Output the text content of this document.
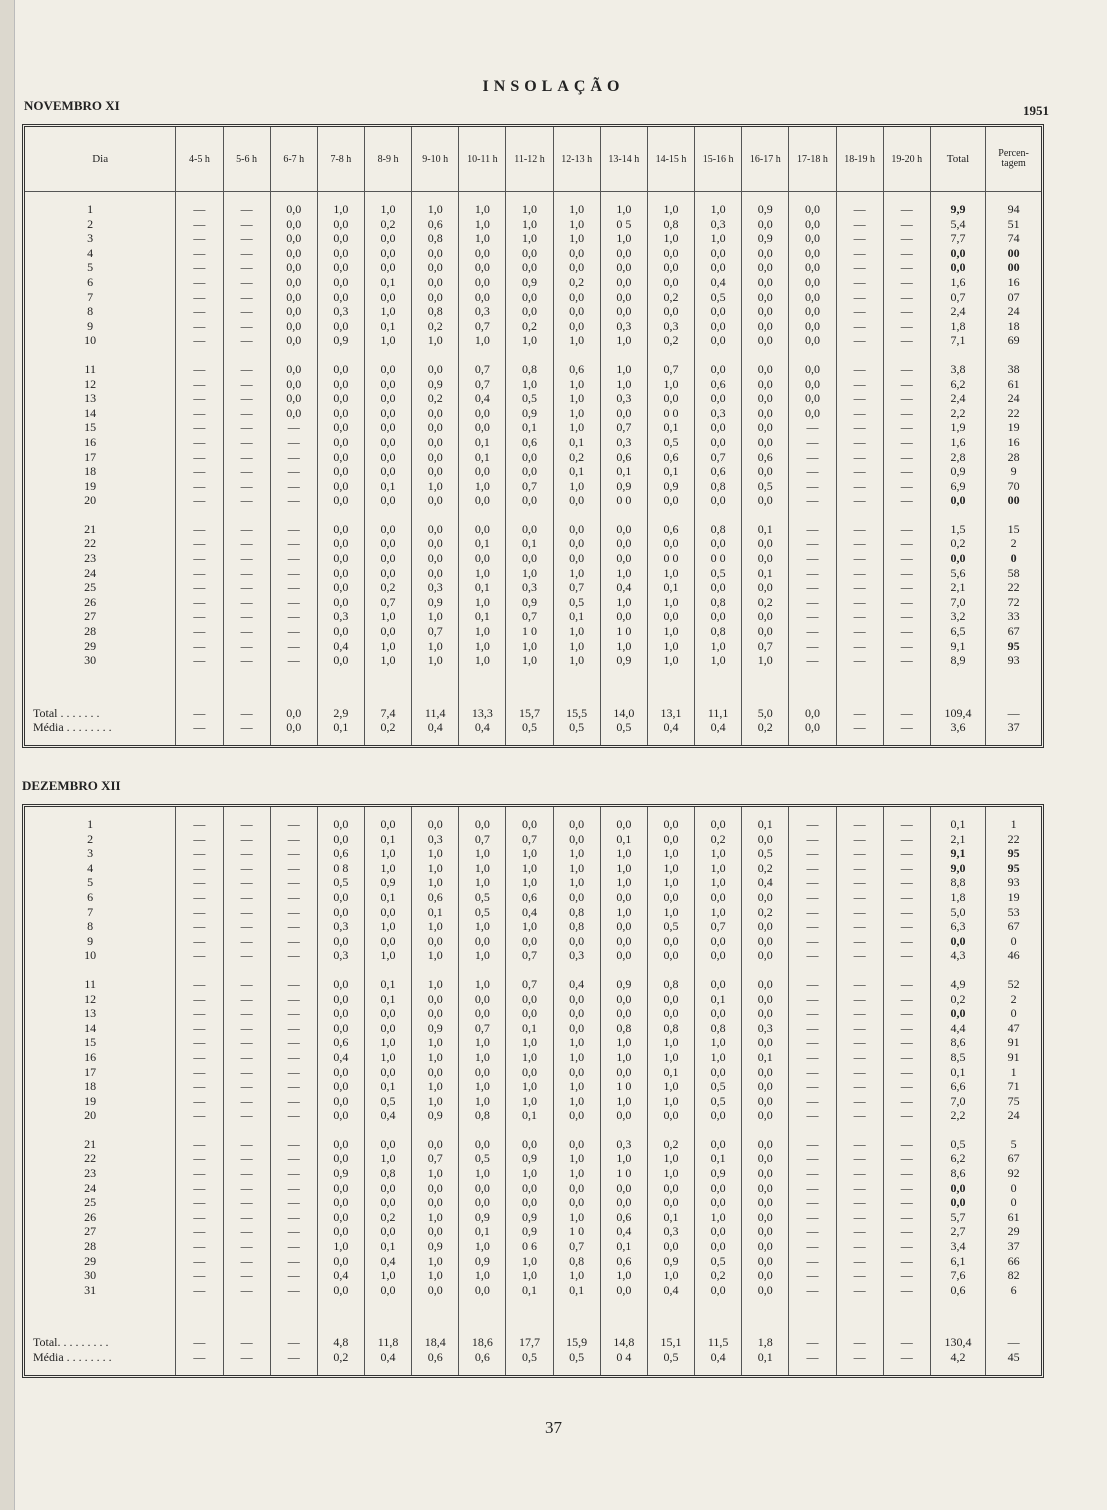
INSOLAÇÃO
NOVEMBRO XI	1951
Dia	4-5 h	5-6 h	6-7 h	7-8 h	8-9 h	9-10 h	10-11 h	11-12 h	12-13 h	13-14 h	14-15 h	15-16 h	16-17 h	17-18 h	18-19 h	19-20 h	Total	Percen-
tagem

1	—	—	0,0	1,0	1,0	1,0	1,0	1,0	1,0	1,0	1,0	1,0	0,9	0,0	—	—	9,9	94
2	—	—	0,0	0,0	0,2	0,6	1,0	1,0	1,0	0 5	0,8	0,3	0,0	0,0	—	—	5,4	51
3	—	—	0,0	0,0	0,0	0,8	1,0	1,0	1,0	1,0	1,0	1,0	0,9	0,0	—	—	7,7	74
4	—	—	0,0	0,0	0,0	0,0	0,0	0,0	0,0	0,0	0,0	0,0	0,0	0,0	—	—	0,0	00
5	—	—	0,0	0,0	0,0	0,0	0,0	0,0	0,0	0,0	0,0	0,0	0,0	0,0	—	—	0,0	00
6	—	—	0,0	0,0	0,1	0,0	0,0	0,9	0,2	0,0	0,0	0,4	0,0	0,0	—	—	1,6	16
7	—	—	0,0	0,0	0,0	0,0	0,0	0,0	0,0	0,0	0,2	0,5	0,0	0,0	—	—	0,7	07
8	—	—	0,0	0,3	1,0	0,8	0,3	0,0	0,0	0,0	0,0	0,0	0,0	0,0	—	—	2,4	24
9	—	—	0,0	0,0	0,1	0,2	0,7	0,2	0,0	0,3	0,3	0,0	0,0	0,0	—	—	1,8	18
10	—	—	0,0	0,9	1,0	1,0	1,0	1,0	1,0	1,0	0,2	0,0	0,0	0,0	—	—	7,1	69

11	—	—	0,0	0,0	0,0	0,0	0,7	0,8	0,6	1,0	0,7	0,0	0,0	0,0	—	—	3,8	38
12	—	—	0,0	0,0	0,0	0,9	0,7	1,0	1,0	1,0	1,0	0,6	0,0	0,0	—	—	6,2	61
13	—	—	0,0	0,0	0,0	0,2	0,4	0,5	1,0	0,3	0,0	0,0	0,0	0,0	—	—	2,4	24
14	—	—	0,0	0,0	0,0	0,0	0,0	0,9	1,0	0,0	0 0	0,3	0,0	0,0	—	—	2,2	22
15	—	—	—	0,0	0,0	0,0	0,0	0,1	1,0	0,7	0,1	0,0	0,0	—	—	—	1,9	19
16	—	—	—	0,0	0,0	0,0	0,1	0,6	0,1	0,3	0,5	0,0	0,0	—	—	—	1,6	16
17	—	—	—	0,0	0,0	0,0	0,1	0,0	0,2	0,6	0,6	0,7	0,6	—	—	—	2,8	28
18	—	—	—	0,0	0,0	0,0	0,0	0,0	0,1	0,1	0,1	0,6	0,0	—	—	—	0,9	9
19	—	—	—	0,0	0,1	1,0	1,0	0,7	1,0	0,9	0,9	0,8	0,5	—	—	—	6,9	70
20	—	—	—	0,0	0,0	0,0	0,0	0,0	0,0	0 0	0,0	0,0	0,0	—	—	—	0,0	00

21	—	—	—	0,0	0,0	0,0	0,0	0,0	0,0	0,0	0,6	0,8	0,1	—	—	—	1,5	15
22	—	—	—	0,0	0,0	0,0	0,1	0,1	0,0	0,0	0,0	0,0	0,0	—	—	—	0,2	2
23	—	—	—	0,0	0,0	0,0	0,0	0,0	0,0	0,0	0 0	0 0	0,0	—	—	—	0,0	0
24	—	—	—	0,0	0,0	0,0	1,0	1,0	1,0	1,0	1,0	0,5	0,1	—	—	—	5,6	58
25	—	—	—	0,0	0,2	0,3	0,1	0,3	0,7	0,4	0,1	0,0	0,0	—	—	—	2,1	22
26	—	—	—	0,0	0,7	0,9	1,0	0,9	0,5	1,0	1,0	0,8	0,2	—	—	—	7,0	72
27	—	—	—	0,3	1,0	1,0	0,1	0,7	0,1	0,0	0,0	0,0	0,0	—	—	—	3,2	33
28	—	—	—	0,0	0,0	0,7	1,0	1 0	1,0	1 0	1,0	0,8	0,0	—	—	—	6,5	67
29	—	—	—	0,4	1,0	1,0	1,0	1,0	1,0	1,0	1,0	1,0	0,7	—	—	—	9,1	95
30	—	—	—	0,0	1,0	1,0	1,0	1,0	1,0	0,9	1,0	1,0	1,0	—	—	—	8,9	93

Total . . . . . . .	—	—	0,0	2,9	7,4	11,4	13,3	15,7	15,5	14,0	13,1	11,1	5,0	0,0	—	—	109,4	—
Média . . . . . . . .	—	—	0,0	0,1	0,2	0,4	0,4	0,5	0,5	0,5	0,4	0,4	0,2	0,0	—	—	3,6	37

DEZEMBRO XII

1	—	—	—	0,0	0,0	0,0	0,0	0,0	0,0	0,0	0,0	0,0	0,1	—	—	—	0,1	1
2	—	—	—	0,0	0,1	0,3	0,7	0,7	0,0	0,1	0,0	0,2	0,0	—	—	—	2,1	22
3	—	—	—	0,6	1,0	1,0	1,0	1,0	1,0	1,0	1,0	1,0	0,5	—	—	—	9,1	95
4	—	—	—	0 8	1,0	1,0	1,0	1,0	1,0	1,0	1,0	1,0	0,2	—	—	—	9,0	95
5	—	—	—	0,5	0,9	1,0	1,0	1,0	1,0	1,0	1,0	1,0	0,4	—	—	—	8,8	93
6	—	—	—	0,0	0,1	0,6	0,5	0,6	0,0	0,0	0,0	0,0	0,0	—	—	—	1,8	19
7	—	—	—	0,0	0,0	0,1	0,5	0,4	0,8	1,0	1,0	1,0	0,2	—	—	—	5,0	53
8	—	—	—	0,3	1,0	1,0	1,0	1,0	0,8	0,0	0,5	0,7	0,0	—	—	—	6,3	67
9	—	—	—	0,0	0,0	0,0	0,0	0,0	0,0	0,0	0,0	0,0	0,0	—	—	—	0,0	0
10	—	—	—	0,3	1,0	1,0	1,0	0,7	0,3	0,0	0,0	0,0	0,0	—	—	—	4,3	46

11	—	—	—	0,0	0,1	1,0	1,0	0,7	0,4	0,9	0,8	0,0	0,0	—	—	—	4,9	52
12	—	—	—	0,0	0,1	0,0	0,0	0,0	0,0	0,0	0,0	0,1	0,0	—	—	—	0,2	2
13	—	—	—	0,0	0,0	0,0	0,0	0,0	0,0	0,0	0,0	0,0	0,0	—	—	—	0,0	0
14	—	—	—	0,0	0,0	0,9	0,7	0,1	0,0	0,8	0,8	0,8	0,3	—	—	—	4,4	47
15	—	—	—	0,6	1,0	1,0	1,0	1,0	1,0	1,0	1,0	1,0	0,0	—	—	—	8,6	91
16	—	—	—	0,4	1,0	1,0	1,0	1,0	1,0	1,0	1,0	1,0	0,1	—	—	—	8,5	91
17	—	—	—	0,0	0,0	0,0	0,0	0,0	0,0	0,0	0,1	0,0	0,0	—	—	—	0,1	1
18	—	—	—	0,0	0,1	1,0	1,0	1,0	1,0	1 0	1,0	0,5	0,0	—	—	—	6,6	71
19	—	—	—	0,0	0,5	1,0	1,0	1,0	1,0	1,0	1,0	0,5	0,0	—	—	—	7,0	75
20	—	—	—	0,0	0,4	0,9	0,8	0,1	0,0	0,0	0,0	0,0	0,0	—	—	—	2,2	24

21	—	—	—	0,0	0,0	0,0	0,0	0,0	0,0	0,3	0,2	0,0	0,0	—	—	—	0,5	5
22	—	—	—	0,0	1,0	0,7	0,5	0,9	1,0	1,0	1,0	0,1	0,0	—	—	—	6,2	67
23	—	—	—	0,9	0,8	1,0	1,0	1,0	1,0	1 0	1,0	0,9	0,0	—	—	—	8,6	92
24	—	—	—	0,0	0,0	0,0	0,0	0,0	0,0	0,0	0,0	0,0	0,0	—	—	—	0,0	0
25	—	—	—	0,0	0,0	0,0	0,0	0,0	0,0	0,0	0,0	0,0	0,0	—	—	—	0,0	0
26	—	—	—	0,0	0,2	1,0	0,9	0,9	1,0	0,6	0,1	1,0	0,0	—	—	—	5,7	61
27	—	—	—	0,0	0,0	0,0	0,1	0,9	1 0	0,4	0,3	0,0	0,0	—	—	—	2,7	29
28	—	—	—	1,0	0,1	0,9	1,0	0 6	0,7	0,1	0,0	0,0	0,0	—	—	—	3,4	37
29	—	—	—	0,0	0,4	1,0	0,9	1,0	0,8	0,6	0,9	0,5	0,0	—	—	—	6,1	66
30	—	—	—	0,4	1,0	1,0	1,0	1,0	1,0	1,0	1,0	0,2	0,0	—	—	—	7,6	82
31	—	—	—	0,0	0,0	0,0	0,0	0,1	0,1	0,0	0,4	0,0	0,0	—	—	—	0,6	6

Total. . . . . . . . .	—	—	—	4,8	11,8	18,4	18,6	17,7	15,9	14,8	15,1	11,5	1,8	—	—	—	130,4	—
Média . . . . . . . .	—	—	—	0,2	0,4	0,6	0,6	0,5	0,5	0 4	0,5	0,4	0,1	—	—	—	4,2	45

37
